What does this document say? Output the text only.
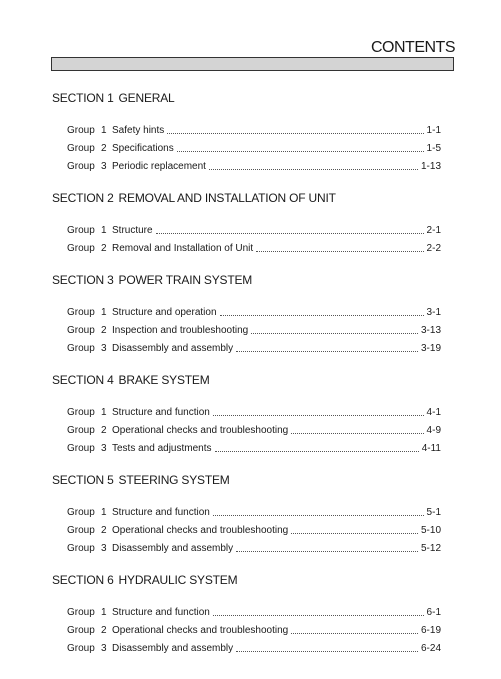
CONTENTS
SECTION 1 GENERAL
Group 1 Safety hints	1-1
Group 2 Specifications	1-5
Group 3 Periodic replacement	1-13
SECTION 2 REMOVAL AND INSTALLATION OF UNIT
Group 1 Structure	2-1
Group 2 Removal and Installation of Unit	2-2
SECTION 3 POWER TRAIN SYSTEM
Group 1 Structure and operation	3-1
Group 2 Inspection and troubleshooting	3-13
Group 3 Disassembly and assembly	3-19
SECTION 4 BRAKE SYSTEM
Group 1 Structure and function	4-1
Group 2 Operational checks and troubleshooting	4-9
Group 3 Tests and adjustments	4-11
SECTION 5 STEERING SYSTEM
Group 1 Structure and function	5-1
Group 2 Operational checks and troubleshooting	5-10
Group 3 Disassembly and assembly	5-12
SECTION 6 HYDRAULIC SYSTEM
Group 1 Structure and function	6-1
Group 2 Operational checks and troubleshooting	6-19
Group 3 Disassembly and assembly	6-24
